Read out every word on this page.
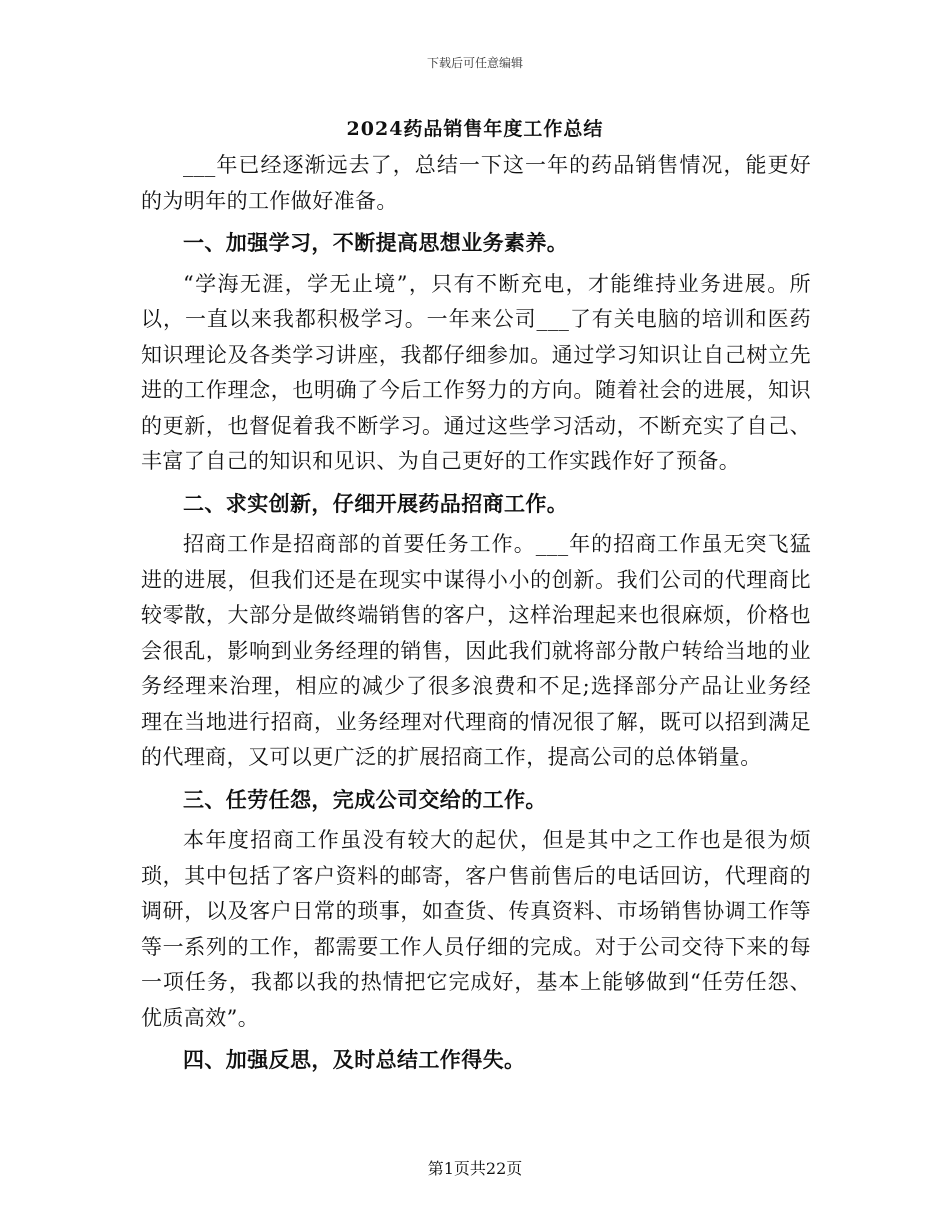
下载后可任意编辑
2024药品销售年度工作总结

___年已经逐渐远去了，总结一下这一年的药品销售情况，能更好的为明年的工作做好准备。

一、加强学习，不断提高思想业务素养。

“学海无涯，学无止境”，只有不断充电，才能维持业务进展。所以，一直以来我都积极学习。一年来公司___了有关电脑的培训和医药知识理论及各类学习讲座，我都仔细参加。通过学习知识让自己树立先进的工作理念，也明确了今后工作努力的方向。随着社会的进展，知识的更新，也督促着我不断学习。通过这些学习活动，不断充实了自己、丰富了自己的知识和见识、为自己更好的工作实践作好了预备。

二、求实创新，仔细开展药品招商工作。

招商工作是招商部的首要任务工作。___年的招商工作虽无突飞猛进的进展，但我们还是在现实中谋得小小的创新。我们公司的代理商比较零散，大部分是做终端销售的客户，这样治理起来也很麻烦，价格也会很乱，影响到业务经理的销售，因此我们就将部分散户转给当地的业务经理来治理，相应的减少了很多浪费和不足;选择部分产品让业务经理在当地进行招商，业务经理对代理商的情况很了解，既可以招到满足的代理商，又可以更广泛的扩展招商工作，提高公司的总体销量。

三、任劳任怨，完成公司交给的工作。

本年度招商工作虽没有较大的起伏，但是其中之工作也是很为烦琐，其中包括了客户资料的邮寄，客户售前售后的电话回访，代理商的调研，以及客户日常的琐事，如查货、传真资料、市场销售协调工作等等一系列的工作，都需要工作人员仔细的完成。对于公司交待下来的每一项任务，我都以我的热情把它完成好，基本上能够做到“任劳任怨、优质高效”。

四、加强反思，及时总结工作得失。

第1页共22页
